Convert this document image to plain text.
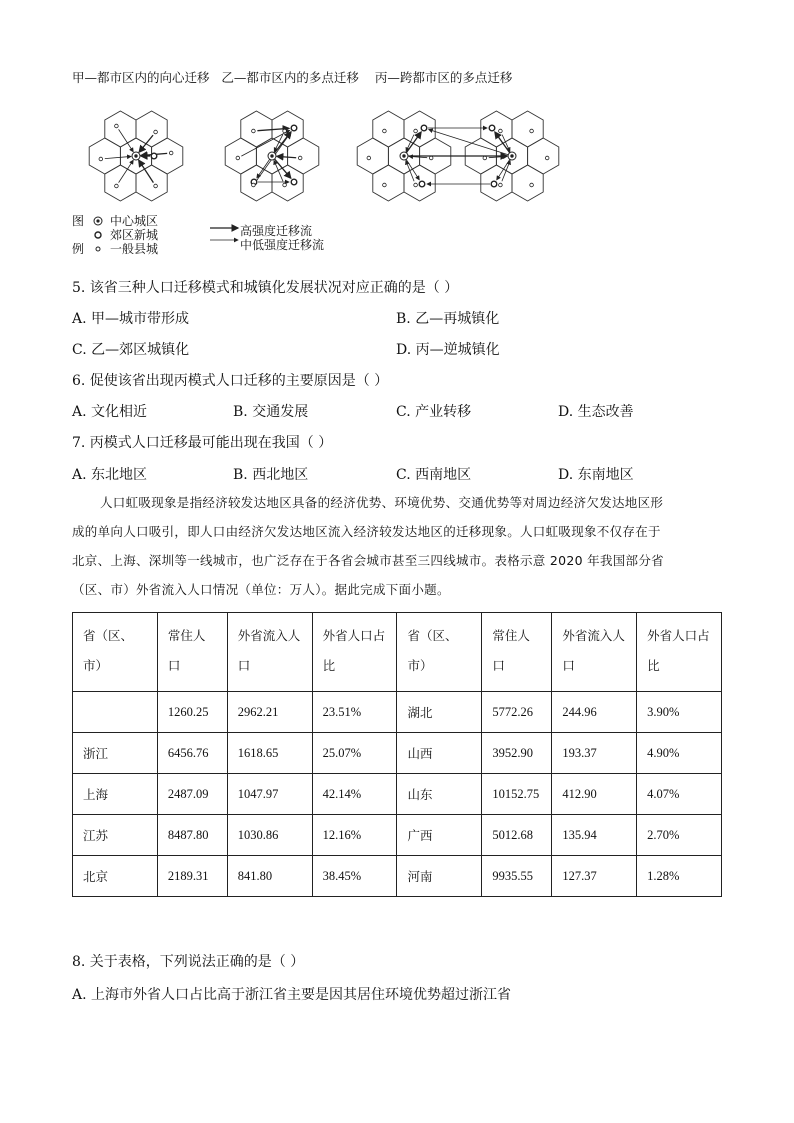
甲—都市区内的向心迁移   乙—都市区内的多点迁移    丙—跨都市区的多点迁移
图
例
中心城区
郊区新城
一般县城
高强度迁移流
中低强度迁移流
5. 该省三种人口迁移模式和城镇化发展状况对应正确的是（ ）
A. 甲—城市带形成	B. 乙—再城镇化
C. 乙—郊区城镇化	D. 丙—逆城镇化
6. 促使该省出现丙模式人口迁移的主要原因是（ ）
A. 文化相近	B. 交通发展	C. 产业转移	D. 生态改善
7. 丙模式人口迁移最可能出现在我国（ ）
A. 东北地区	B. 西北地区	C. 西南地区	D. 东南地区
人口虹吸现象是指经济较发达地区具备的经济优势、环境优势、交通优势等对周边经济欠发达地区形
成的单向人口吸引，即人口由经济欠发达地区流入经济较发达地区的迁移现象。人口虹吸现象不仅存在于
北京、上海、深圳等一线城市，也广泛存在于各省会城市甚至三四线城市。表格示意 2020 年我国部分省
（区、市）外省流入人口情况（单位：万人）。据此完成下面小题。
省（区、市）	常住人口	外省流入人口	外省人口占比	省（区、市）	常住人口	外省流入人口	外省人口占比
	1260.25	2962.21	23.51%	湖北	5772.26	244.96	3.90%
浙江	6456.76	1618.65	25.07%	山西	3952.90	193.37	4.90%
上海	2487.09	1047.97	42.14%	山东	10152.75	412.90	4.07%
江苏	8487.80	1030.86	12.16%	广西	5012.68	135.94	2.70%
北京	2189.31	841.80	38.45%	河南	9935.55	127.37	1.28%
8. 关于表格，下列说法正确的是（ ）
A. 上海市外省人口占比高于浙江省主要是因其居住环境优势超过浙江省
